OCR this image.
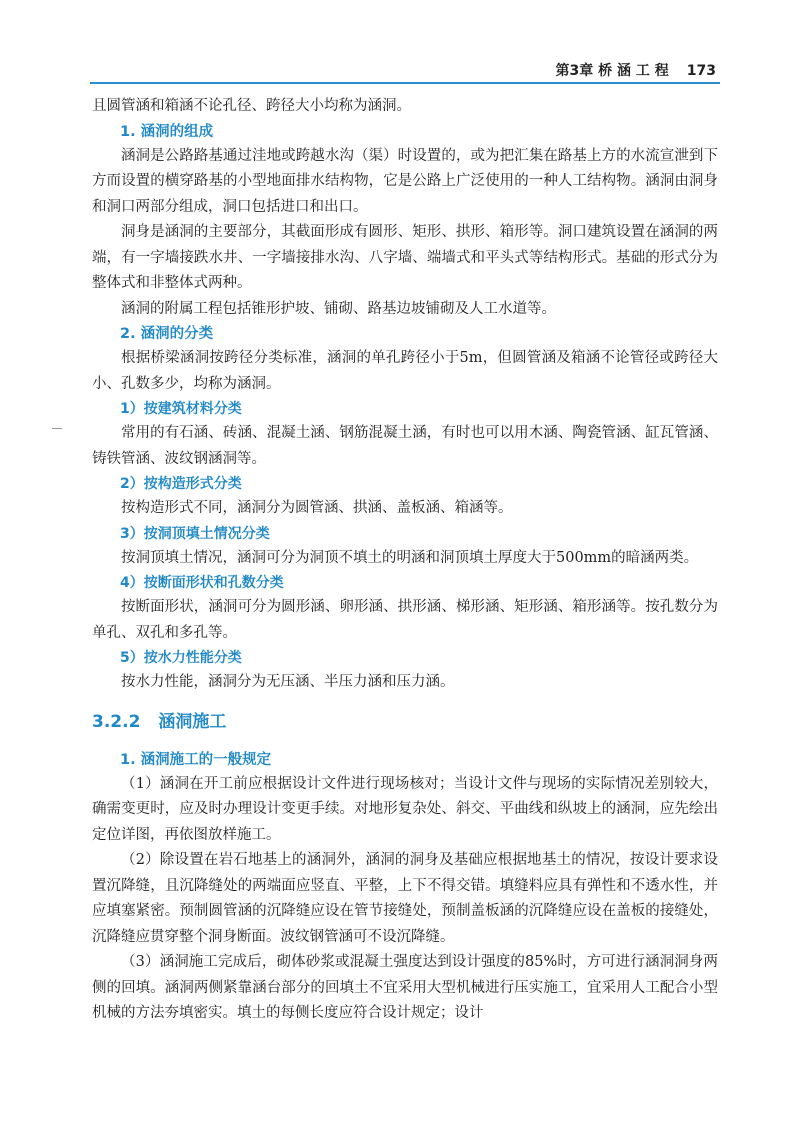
第3章 桥 涵 工 程 173

且圆管涵和箱涵不论孔径、跨径大小均称为涵洞。

1. 涵洞的组成

涵洞是公路路基通过洼地或跨越水沟（渠）时设置的，或为把汇集在路基上方的水流宣泄到下方而设置的横穿路基的小型地面排水结构物，它是公路上广泛使用的一种人工结构物。涵洞由洞身和洞口两部分组成，洞口包括进口和出口。

洞身是涵洞的主要部分，其截面形成有圆形、矩形、拱形、箱形等。洞口建筑设置在涵洞的两端，有一字墙接跌水井、一字墙接排水沟、八字墙、端墙式和平头式等结构形式。基础的形式分为整体式和非整体式两种。

涵洞的附属工程包括锥形护坡、铺砌、路基边坡铺砌及人工水道等。

2. 涵洞的分类

根据桥梁涵洞按跨径分类标准，涵洞的单孔跨径小于5m，但圆管涵及箱涵不论管径或跨径大小、孔数多少，均称为涵洞。

1）按建筑材料分类

常用的有石涵、砖涵、混凝土涵、钢筋混凝土涵，有时也可以用木涵、陶瓷管涵、缸瓦管涵、铸铁管涵、波纹钢涵洞等。

2）按构造形式分类

按构造形式不同，涵洞分为圆管涵、拱涵、盖板涵、箱涵等。

3）按洞顶填土情况分类

按洞顶填土情况，涵洞可分为洞顶不填土的明涵和洞顶填土厚度大于500mm的暗涵两类。

4）按断面形状和孔数分类

按断面形状，涵洞可分为圆形涵、卵形涵、拱形涵、梯形涵、矩形涵、箱形涵等。按孔数分为单孔、双孔和多孔等。

5）按水力性能分类

按水力性能，涵洞分为无压涵、半压力涵和压力涵。

3.2.2 涵洞施工
1. 涵洞施工的一般规定

（1）涵洞在开工前应根据设计文件进行现场核对；当设计文件与现场的实际情况差别较大，确需变更时，应及时办理设计变更手续。对地形复杂处、斜交、平曲线和纵坡上的涵洞，应先绘出定位详图，再依图放样施工。

（2）除设置在岩石地基上的涵洞外，涵洞的洞身及基础应根据地基土的情况，按设计要求设置沉降缝，且沉降缝处的两端面应竖直、平整，上下不得交错。填缝料应具有弹性和不透水性，并应填塞紧密。预制圆管涵的沉降缝应设在管节接缝处，预制盖板涵的沉降缝应设在盖板的接缝处，沉降缝应贯穿整个洞身断面。波纹钢管涵可不设沉降缝。

（3）涵洞施工完成后，砌体砂浆或混凝土强度达到设计强度的85%时，方可进行涵洞洞身两侧的回填。涵洞两侧紧靠涵台部分的回填土不宜采用大型机械进行压实施工，宜采用人工配合小型机械的方法夯填密实。填土的每侧长度应符合设计规定；设计
